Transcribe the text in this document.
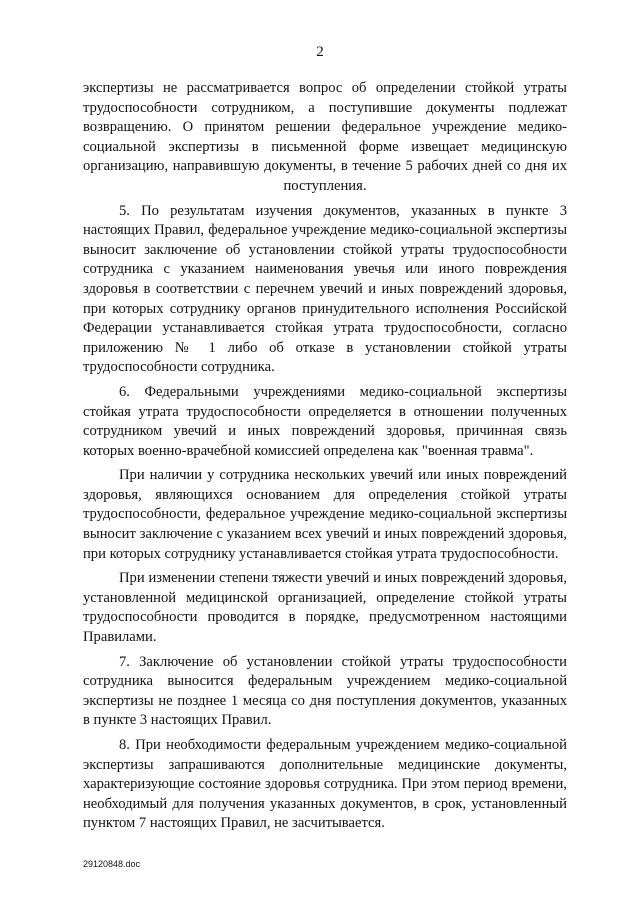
2

экспертизы не рассматривается вопрос об определении стойкой утраты трудоспособности сотрудником, а поступившие документы подлежат возвращению. О принятом решении федеральное учреждение медико-социальной экспертизы в письменной форме извещает медицинскую организацию, направившую документы, в течение 5 рабочих дней со дня их поступления.

5. По результатам изучения документов, указанных в пункте 3 настоящих Правил, федеральное учреждение медико-социальной экспертизы выносит заключение об установлении стойкой утраты трудоспособности сотрудника с указанием наименования увечья или иного повреждения здоровья в соответствии с перечнем увечий и иных повреждений здоровья, при которых сотруднику органов принудительного исполнения Российской Федерации устанавливается стойкая утрата трудоспособности, согласно приложению № 1 либо об отказе в установлении стойкой утраты трудоспособности сотрудника.

6. Федеральными учреждениями медико-социальной экспертизы стойкая утрата трудоспособности определяется в отношении полученных сотрудником увечий и иных повреждений здоровья, причинная связь которых военно-врачебной комиссией определена как "военная травма".

При наличии у сотрудника нескольких увечий или иных повреждений здоровья, являющихся основанием для определения стойкой утраты трудоспособности, федеральное учреждение медико-социальной экспертизы выносит заключение с указанием всех увечий и иных повреждений здоровья, при которых сотруднику устанавливается стойкая утрата трудоспособности.

При изменении степени тяжести увечий и иных повреждений здоровья, установленной медицинской организацией, определение стойкой утраты трудоспособности проводится в порядке, предусмотренном настоящими Правилами.

7. Заключение об установлении стойкой утраты трудоспособности сотрудника выносится федеральным учреждением медико-социальной экспертизы не позднее 1 месяца со дня поступления документов, указанных в пункте 3 настоящих Правил.

8. При необходимости федеральным учреждением медико-социальной экспертизы запрашиваются дополнительные медицинские документы, характеризующие состояние здоровья сотрудника. При этом период времени, необходимый для получения указанных документов, в срок, установленный пунктом 7 настоящих Правил, не засчитывается.

29120848.doc
